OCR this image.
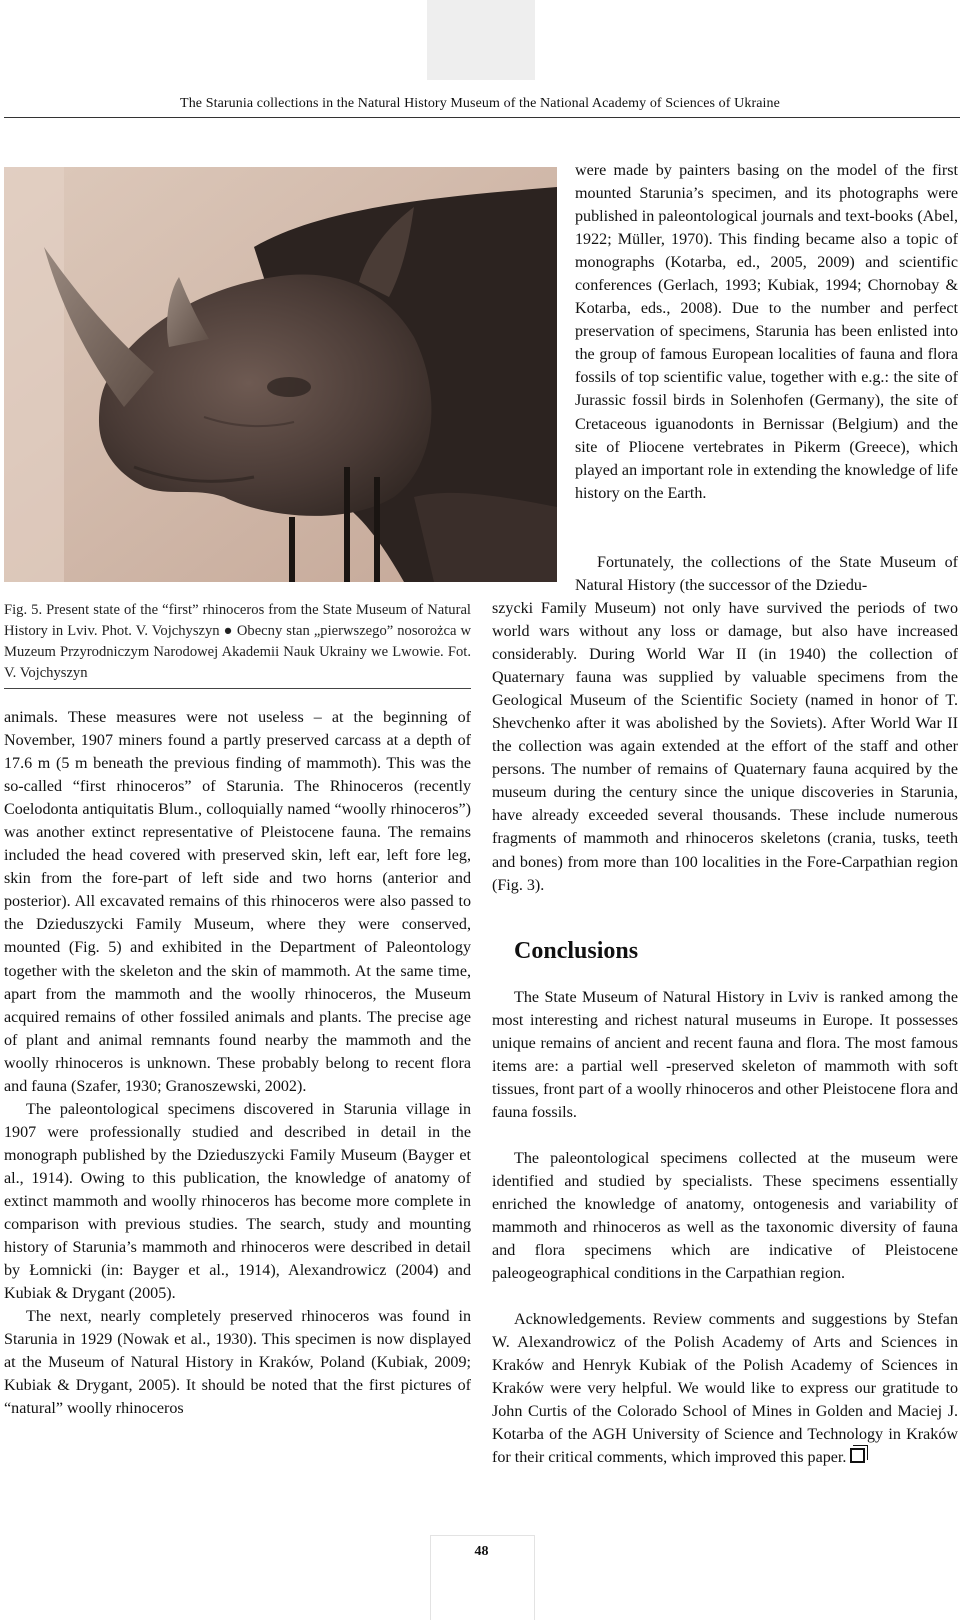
The Starunia collections in the Natural History Museum of the National Academy of Sciences of Ukraine
Fig. 5. Present state of the “first” rhinoceros from the State Museum of Natural History in Lviv. Phot. V. Vojchyszyn ● Obecny stan „pierwszego” nosorożca w Muzeum Przyrodniczym Narodowej Akademii Nauk Ukrainy we Lwowie. Fot. V. Vojchyszyn

animals. These measures were not useless – at the beginning of November, 1907 miners found a partly preserved carcass at a depth of 17.6 m (5 m beneath the previous finding of mammoth). This was the so-called “first rhinoceros” of Starunia. The Rhinoceros (recently Coelodonta antiquitatis Blum., colloquially named “woolly rhinoceros”) was another extinct representative of Pleistocene fauna. The remains included the head covered with preserved skin, left ear, left fore leg, skin from the fore-part of left side and two horns (anterior and posterior). All excavated remains of this rhinoceros were also passed to the Dzieduszycki Family Museum, where they were conserved, mounted (Fig. 5) and exhibited in the Department of Paleontology together with the skeleton and the skin of mammoth. At the same time, apart from the mammoth and the woolly rhinoceros, the Museum acquired remains of other fossiled animals and plants. The precise age of plant and animal remnants found nearby the mammoth and the woolly rhinoceros is unknown. These probably belong to recent flora and fauna (Szafer, 1930; Granoszewski, 2002).

The paleontological specimens discovered in Starunia village in 1907 were professionally studied and described in detail in the monograph published by the Dzieduszycki Family Museum (Bayger et al., 1914). Owing to this publication, the knowledge of anatomy of extinct mammoth and woolly rhinoceros has become more complete in comparison with previous studies. The search, study and mounting history of Starunia’s mammoth and rhinoceros were described in detail by Łomnicki (in: Bayger et al., 1914), Alexandrowicz (2004) and Kubiak & Drygant (2005).

The next, nearly completely preserved rhinoceros was found in Starunia in 1929 (Nowak et al., 1930). This specimen is now displayed at the Museum of Natural History in Kraków, Poland (Kubiak, 2009; Kubiak & Drygant, 2005). It should be noted that the first pictures of “natural” woolly rhinoceros

were made by painters basing on the model of the first mounted Starunia’s specimen, and its photographs were published in paleontological journals and text-books (Abel, 1922; Müller, 1970). This finding became also a topic of monographs (Kotarba, ed., 2005, 2009) and scientific conferences (Gerlach, 1993; Kubiak, 1994; Chornobay & Kotarba, eds., 2008). Due to the number and perfect preservation of specimens, Starunia has been enlisted into the group of famous European localities of fauna and flora fossils of top scientific value, together with e.g.: the site of Jurassic fossil birds in Solenhofen (Germany), the site of Cretaceous iguanodonts in Bernissar (Belgium) and the site of Pliocene vertebrates in Pikerm (Greece), which played an important role in extending the knowledge of life history on the Earth.

Fortunately, the collections of the State Museum of Natural History (the successor of the Dziedu-

szycki Family Museum) not only have survived the periods of two world wars without any loss or damage, but also have increased considerably. During World War II (in 1940) the collection of Quaternary fauna was supplied by valuable specimens from the Geological Museum of the Scientific Society (named in honor of T. Shevchenko after it was abolished by the Soviets). After World War II the collection was again extended at the effort of the staff and other persons. The number of remains of Quaternary fauna acquired by the museum during the century since the unique discoveries in Starunia, have already exceeded several thousands. These include numerous fragments of mammoth and rhinoceros skeletons (crania, tusks, teeth and bones) from more than 100 localities in the Fore-Carpathian region (Fig. 3).

Conclusions

The State Museum of Natural History in Lviv is ranked among the most interesting and richest natural museums in Europe. It possesses unique remains of ancient and recent fauna and flora. The most famous items are: a partial well -preserved skeleton of mammoth with soft tissues, front part of a woolly rhinoceros and other Pleistocene flora and fauna fossils.

The paleontological specimens collected at the museum were identified and studied by specialists. These specimens essentially enriched the knowledge of anatomy, ontogenesis and variability of mammoth and rhinoceros as well as the taxonomic diversity of fauna and flora specimens which are indicative of Pleistocene paleogeographical conditions in the Carpathian region.

Acknowledgements. Review comments and suggestions by Stefan W. Alexandrowicz of the Polish Academy of Arts and Sciences in Kraków and Henryk Kubiak of the Polish Academy of Sciences in Kraków were very helpful. We would like to express our gratitude to John Curtis of the Colorado School of Mines in Golden and Maciej J. Kotarba of the AGH University of Science and Technology in Kraków for their critical comments, which improved this paper.
48
